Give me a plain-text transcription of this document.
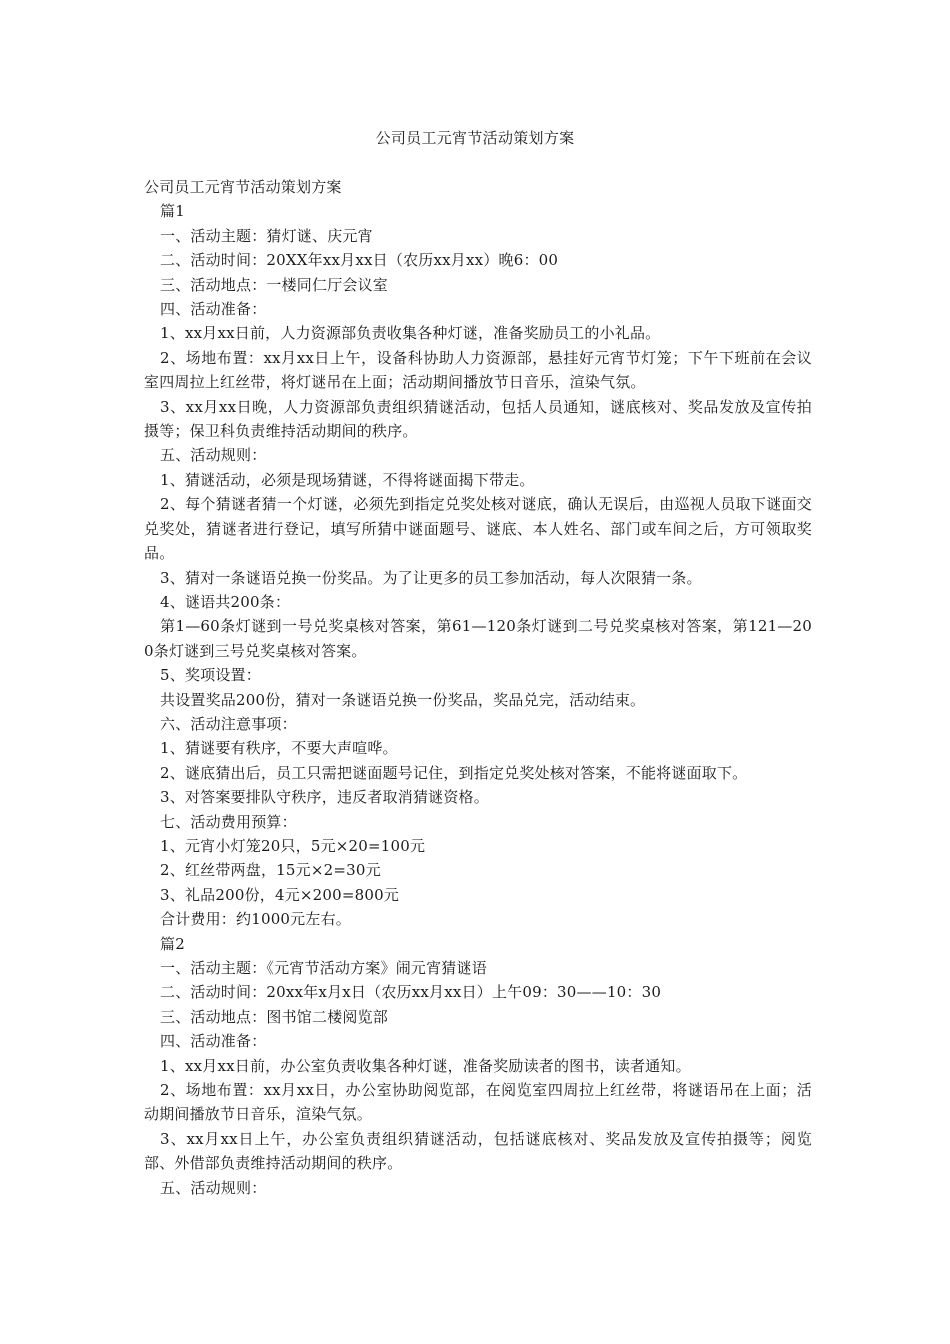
公司员工元宵节活动策划方案

公司员工元宵节活动策划方案

篇1

一、活动主题：猜灯谜、庆元宵

二、活动时间：20XX年xx月xx日（农历xx月xx）晚6：00

三、活动地点：一楼同仁厅会议室

四、活动准备：

1、xx月xx日前，人力资源部负责收集各种灯谜，准备奖励员工的小礼品。

2、场地布置：xx月xx日上午，设备科协助人力资源部，悬挂好元宵节灯笼；下午下班前在会议室四周拉上红丝带，将灯谜吊在上面；活动期间播放节日音乐，渲染气氛。

3、xx月xx日晚，人力资源部负责组织猜谜活动，包括人员通知，谜底核对、奖品发放及宣传拍摄等；保卫科负责维持活动期间的秩序。

五、活动规则：

1、猜谜活动，必须是现场猜谜，不得将谜面揭下带走。

2、每个猜谜者猜一个灯谜，必须先到指定兑奖处核对谜底，确认无误后，由巡视人员取下谜面交兑奖处，猜谜者进行登记，填写所猜中谜面题号、谜底、本人姓名、部门或车间之后，方可领取奖品。

3、猜对一条谜语兑换一份奖品。为了让更多的员工参加活动，每人次限猜一条。

4、谜语共200条：

第1—60条灯谜到一号兑奖桌核对答案，第61—120条灯谜到二号兑奖桌核对答案，第121—200条灯谜到三号兑奖桌核对答案。

5、奖项设置：

共设置奖品200份，猜对一条谜语兑换一份奖品，奖品兑完，活动结束。

六、活动注意事项：

1、猜谜要有秩序，不要大声喧哗。

2、谜底猜出后，员工只需把谜面题号记住，到指定兑奖处核对答案，不能将谜面取下。

3、对答案要排队守秩序，违反者取消猜谜资格。

七、活动费用预算：

1、元宵小灯笼20只，5元×20=100元

2、红丝带两盘，15元×2=30元

3、礼品200份，4元×200=800元

合计费用：约1000元左右。

篇2

一、活动主题：《元宵节活动方案》闹元宵猜谜语

二、活动时间：20xx年x月x日（农历xx月xx日）上午09：30——10：30

三、活动地点：图书馆二楼阅览部

四、活动准备：

1、xx月xx日前，办公室负责收集各种灯谜，准备奖励读者的图书，读者通知。

2、场地布置：xx月xx日，办公室协助阅览部，在阅览室四周拉上红丝带，将谜语吊在上面；活动期间播放节日音乐，渲染气氛。

3、xx月xx日上午，办公室负责组织猜谜活动，包括谜底核对、奖品发放及宣传拍摄等；阅览部、外借部负责维持活动期间的秩序。

五、活动规则：
